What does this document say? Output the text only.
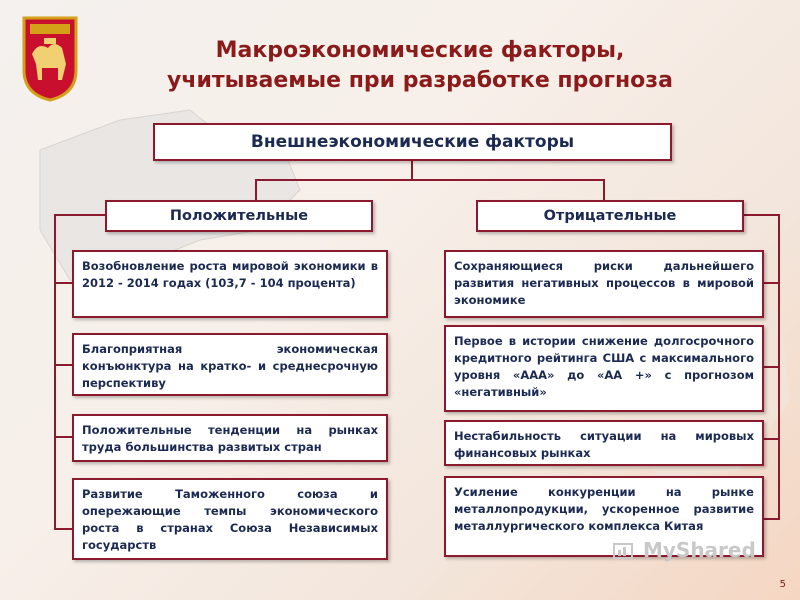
Макроэкономические факторы,
учитываемые при разработке прогноза
Внешнеэкономические факторы
Положительные	Отрицательные
Возобновление роста мировой экономики в 2012 - 2014 годах (103,7 - 104 процента)
Благоприятная экономическая конъюнктура на кратко- и среднесрочную перспективу
Положительные тенденции на рынках труда большинства развитых стран
Развитие Таможенного союза и опережающие темпы экономического роста в странах Союза Независимых государств
Сохраняющиеся риски дальнейшего развития негативных процессов в мировой экономике
Первое в истории снижение долгосрочного кредитного рейтинга США с максимального уровня «ААА» до «АА +» с прогнозом «негативный»
Нестабильность ситуации на мировых финансовых рынках
Усиление конкуренции на рынке металлопродукции, ускоренное развитие металлургического комплекса Китая
MyShared
5
